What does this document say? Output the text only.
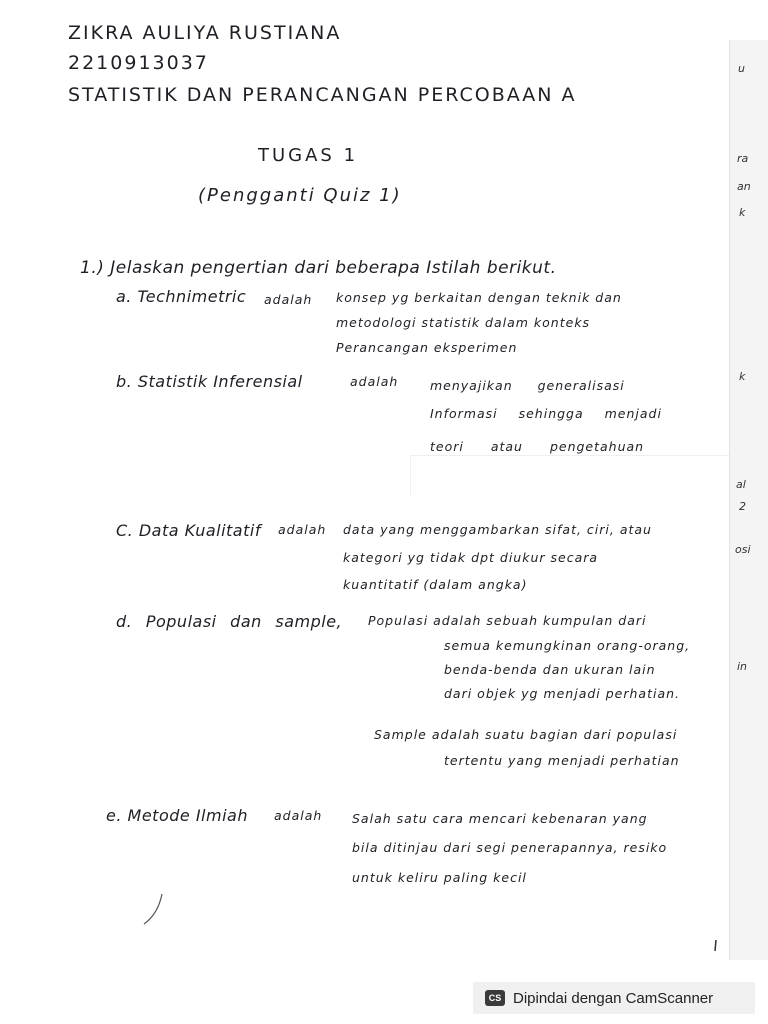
u
ra
an
k
k
al
2
osi
in
ZIKRA AULIYA RUSTIANA
2210913037
STATISTIK DAN PERANCANGAN PERCOBAAN A
TUGAS 1
(Pengganti Quiz 1)
1.) Jelaskan pengertian dari beberapa Istilah berikut.
a. Technimetric adalah konsep yg berkaitan dengan teknik dan
metodologi statistik dalam konteks
Perancangan eksperimen
b. Statistik Inferensial	adalah	menyajikan generalisasi
Informasi sehingga menjadi
teori atau pengetahuan
C. Data Kualitatif adalah data yang menggambarkan sifat, ciri, atau
kategori yg tidak dpt diukur secara
kuantitatif (dalam angka)
d. Populasi dan sample, Populasi adalah sebuah kumpulan dari
semua kemungkinan orang-orang,
benda-benda dan ukuran lain
dari objek yg menjadi perhatian.
Sample adalah suatu bagian dari populasi
tertentu yang menjadi perhatian
e. Metode Ilmiah adalah Salah satu cara mencari kebenaran yang
bila ditinjau dari segi penerapannya, resiko
untuk keliru paling kecil
CS Dipindai dengan CamScanner
